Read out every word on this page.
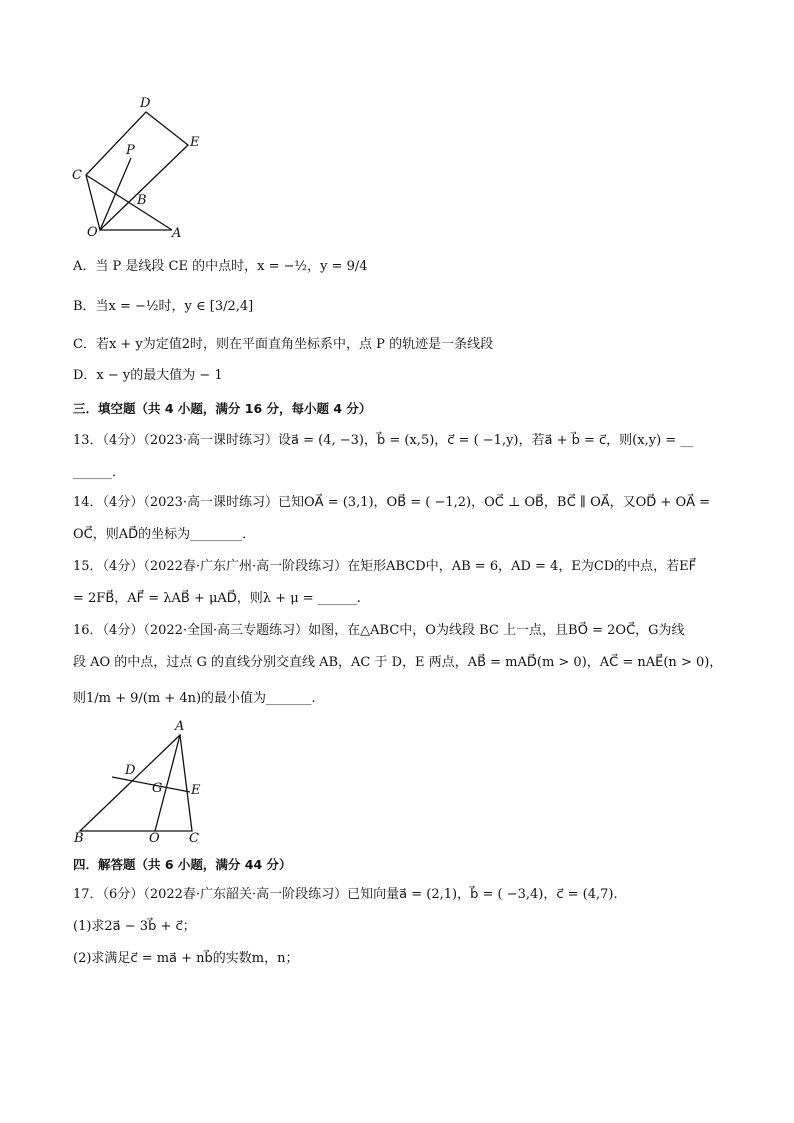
D
E
C
P
B
O	A
A．当 P 是线段 CE 的中点时，x = −½，y = 9/4
B．当x = −½时，y ∈ [3/2,4]
C．若x + y为定值2时，则在平面直角坐标系中，点 P 的轨迹是一条线段
D．x − y的最大值为 − 1
三．填空题（共 4 小题，满分 16 分，每小题 4 分）
13．（4分）（2023·高一课时练习）设a⃗ = (4, −3)，b⃗ = (x,5)，c⃗ = ( −1,y)，若a⃗ + b⃗ = c⃗，则(x,y) = __
______．
14．（4分）（2023·高一课时练习）已知OA⃗ = (3,1)，OB⃗ = ( −1,2)，OC⃗ ⊥ OB⃗，BC⃗ ∥ OA⃗，又OD⃗ + OA⃗ =
OC⃗，则AD⃗的坐标为________．
15．（4分）（2022春·广东广州·高一阶段练习）在矩形ABCD中，AB = 6，AD = 4，E为CD的中点，若EF⃗
= 2FB⃗，AF⃗ = λAB⃗ + μAD⃗，则λ + μ = ______.
16．（4分）（2022·全国·高三专题练习）如图，在△ABC中，O为线段 BC 上一点，且BO⃗ = 2OC⃗，G为线
段 AO 的中点，过点 G 的直线分别交直线 AB，AC 于 D，E 两点，AB⃗ = mAD⃗(m > 0)，AC⃗ = nAE⃗(n > 0)，
则1/m + 9/(m + 4n)的最小值为_______.
A
D
G E
B	O C
四．解答题（共 6 小题，满分 44 分）
17．（6分）（2022春·广东韶关·高一阶段练习）已知向量a⃗ = (2,1)，b⃗ = ( −3,4)，c⃗ = (4,7).
(1)求2a⃗ − 3b⃗ + c⃗；
(2)求满足c⃗ = ma⃗ + nb⃗的实数m，n；
